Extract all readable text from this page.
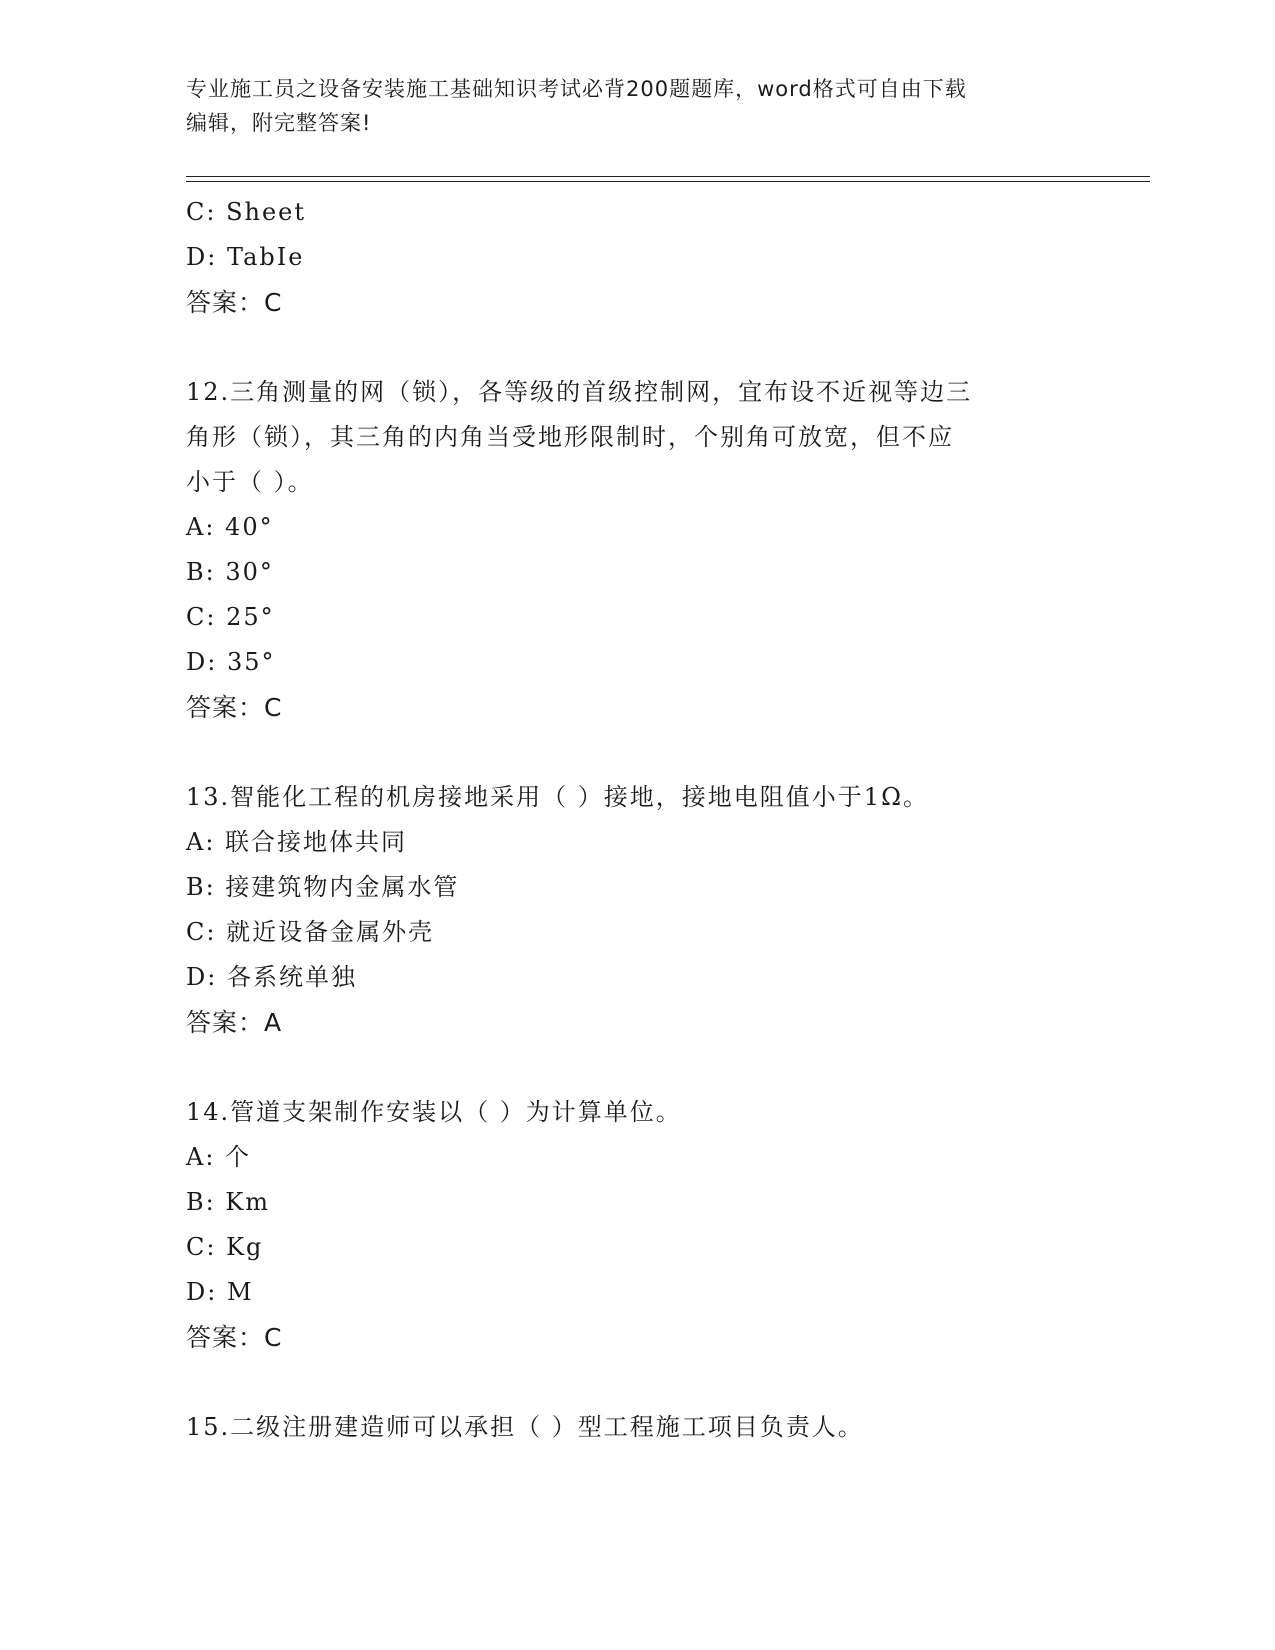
专业施工员之设备安装施工基础知识考试必背200题题库，word格式可自由下载
编辑，附完整答案!
C: Sheet
D: TabIe
答案：C
12.三角测量的网（锁），各等级的首级控制网，宜布设不近视等边三
角形（锁），其三角的内角当受地形限制时，个别角可放宽，但不应
小于（ ）。
A: 40°
B: 30°
C: 25°
D: 35°
答案：C
13.智能化工程的机房接地采用（ ）接地，接地电阻值小于1Ω。
A: 联合接地体共同
B: 接建筑物内金属水管
C: 就近设备金属外壳
D: 各系统单独
答案：A
14.管道支架制作安装以（ ）为计算单位。
A: 个
B: Km
C: Kg
D: M
答案：C
15.二级注册建造师可以承担（ ）型工程施工项目负责人。
